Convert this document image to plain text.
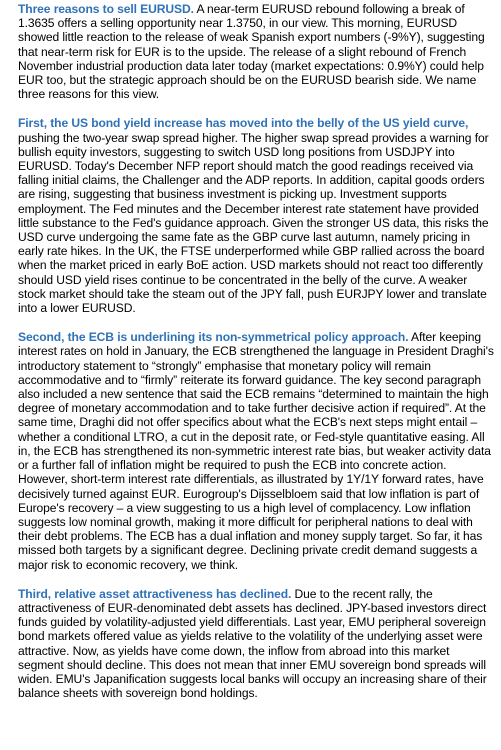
Three reasons to sell EURUSD. A near-term EURUSD rebound following a break of 1.3635 offers a selling opportunity near 1.3750, in our view. This morning, EURUSD showed little reaction to the release of weak Spanish export numbers (-9%Y), suggesting that near-term risk for EUR is to the upside. The release of a slight rebound of French November industrial production data later today (market expectations: 0.9%Y) could help EUR too, but the strategic approach should be on the EURUSD bearish side. We name three reasons for this view.

First, the US bond yield increase has moved into the belly of the US yield curve, pushing the two-year swap spread higher. The higher swap spread provides a warning for bullish equity investors, suggesting to switch USD long positions from USDJPY into EURUSD. Today's December NFP report should match the good readings received via falling initial claims, the Challenger and the ADP reports. In addition, capital goods orders are rising, suggesting that business investment is picking up. Investment supports employment. The Fed minutes and the December interest rate statement have provided little substance to the Fed's guidance approach. Given the stronger US data, this risks the USD curve undergoing the same fate as the GBP curve last autumn, namely pricing in early rate hikes. In the UK, the FTSE underperformed while GBP rallied across the board when the market priced in early BoE action. USD markets should not react too differently should USD yield rises continue to be concentrated in the belly of the curve. A weaker stock market should take the steam out of the JPY fall, push EURJPY lower and translate into a lower EURUSD.

Second, the ECB is underlining its non-symmetrical policy approach. After keeping interest rates on hold in January, the ECB strengthened the language in President Draghi's introductory statement to “strongly” emphasise that monetary policy will remain accommodative and to “firmly” reiterate its forward guidance. The key second paragraph also included a new sentence that said the ECB remains “determined to maintain the high degree of monetary accommodation and to take further decisive action if required”. At the same time, Draghi did not offer specifics about what the ECB's next steps might entail – whether a conditional LTRO, a cut in the deposit rate, or Fed-style quantitative easing. All in, the ECB has strengthened its non-symmetric interest rate bias, but weaker activity data or a further fall of inflation might be required to push the ECB into concrete action. However, short-term interest rate differentials, as illustrated by 1Y/1Y forward rates, have decisively turned against EUR. Eurogroup's Dijsselbloem said that low inflation is part of Europe's recovery – a view suggesting to us a high level of complacency. Low inflation suggests low nominal growth, making it more difficult for peripheral nations to deal with their debt problems. The ECB has a dual inflation and money supply target. So far, it has missed both targets by a significant degree. Declining private credit demand suggests a major risk to economic recovery, we think.

Third, relative asset attractiveness has declined. Due to the recent rally, the attractiveness of EUR-denominated debt assets has declined. JPY-based investors direct funds guided by volatility-adjusted yield differentials. Last year, EMU peripheral sovereign bond markets offered value as yields relative to the volatility of the underlying asset were attractive. Now, as yields have come down, the inflow from abroad into this market segment should decline. This does not mean that inner EMU sovereign bond spreads will widen. EMU's Japanification suggests local banks will occupy an increasing share of their balance sheets with sovereign bond holdings.
